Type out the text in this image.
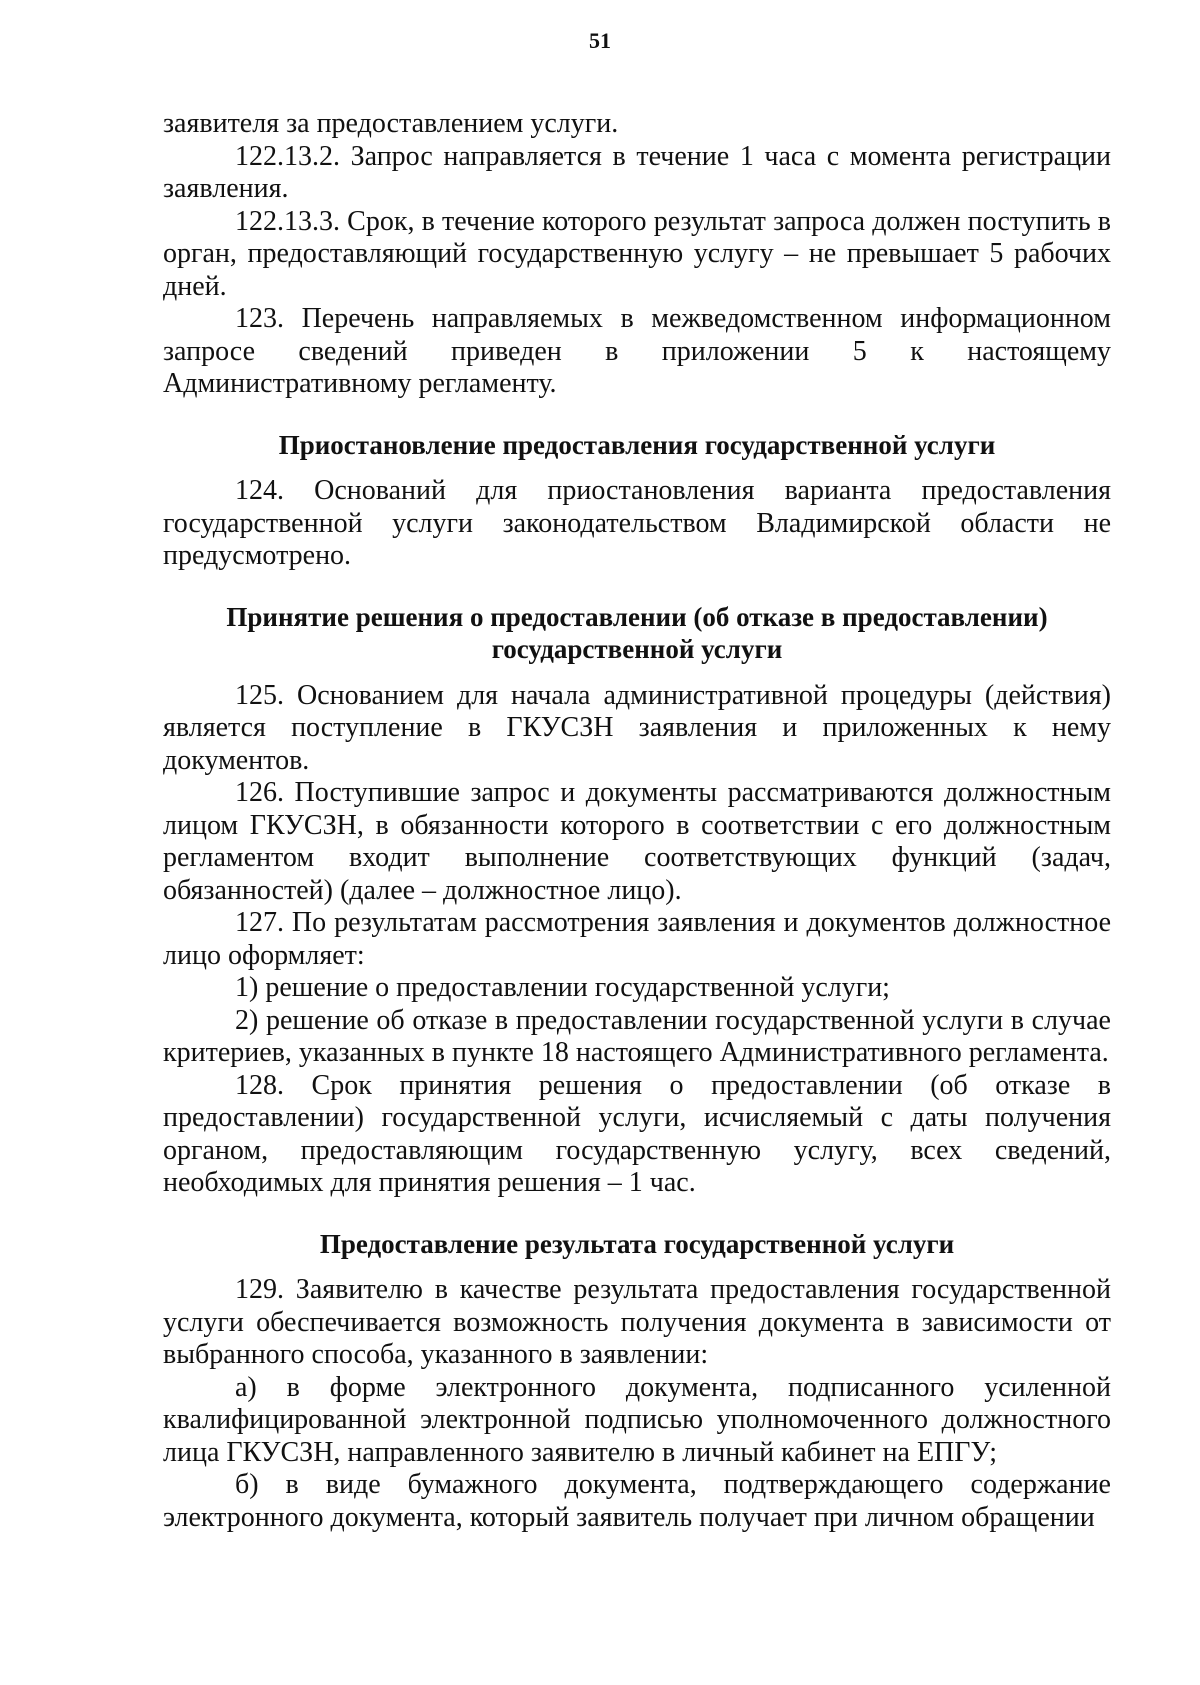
51

заявителя за предоставлением услуги.

122.13.2. Запрос направляется в течение 1 часа с момента регистрации заявления.

122.13.3. Срок, в течение которого результат запроса должен поступить в орган, предоставляющий государственную услугу – не превышает 5 рабочих дней.

123. Перечень направляемых в межведомственном информационном запросе сведений приведен в приложении 5 к настоящему Административному регламенту.

Приостановление предоставления государственной услуги

124. Оснований для приостановления варианта предоставления государственной услуги законодательством Владимирской области не предусмотрено.

Принятие решения о предоставлении (об отказе в предоставлении) государственной услуги

125. Основанием для начала административной процедуры (действия) является поступление в ГКУСЗН заявления и приложенных к нему документов.

126. Поступившие запрос и документы рассматриваются должностным лицом ГКУСЗН, в обязанности которого в соответствии с его должностным регламентом входит выполнение соответствующих функций (задач, обязанностей) (далее – должностное лицо).

127. По результатам рассмотрения заявления и документов должностное лицо оформляет:

1) решение о предоставлении государственной услуги;

2) решение об отказе в предоставлении государственной услуги в случае критериев, указанных в пункте 18 настоящего Административного регламента.

128. Срок принятия решения о предоставлении (об отказе в предоставлении) государственной услуги, исчисляемый с даты получения органом, предоставляющим государственную услугу, всех сведений, необходимых для принятия решения – 1 час.

Предоставление результата государственной услуги

129. Заявителю в качестве результата предоставления государственной услуги обеспечивается возможность получения документа в зависимости от выбранного способа, указанного в заявлении:

а) в форме электронного документа, подписанного усиленной квалифицированной электронной подписью уполномоченного должностного лица ГКУСЗН, направленного заявителю в личный кабинет на ЕПГУ;

б) в виде бумажного документа, подтверждающего содержание электронного документа, который заявитель получает при личном обращении
